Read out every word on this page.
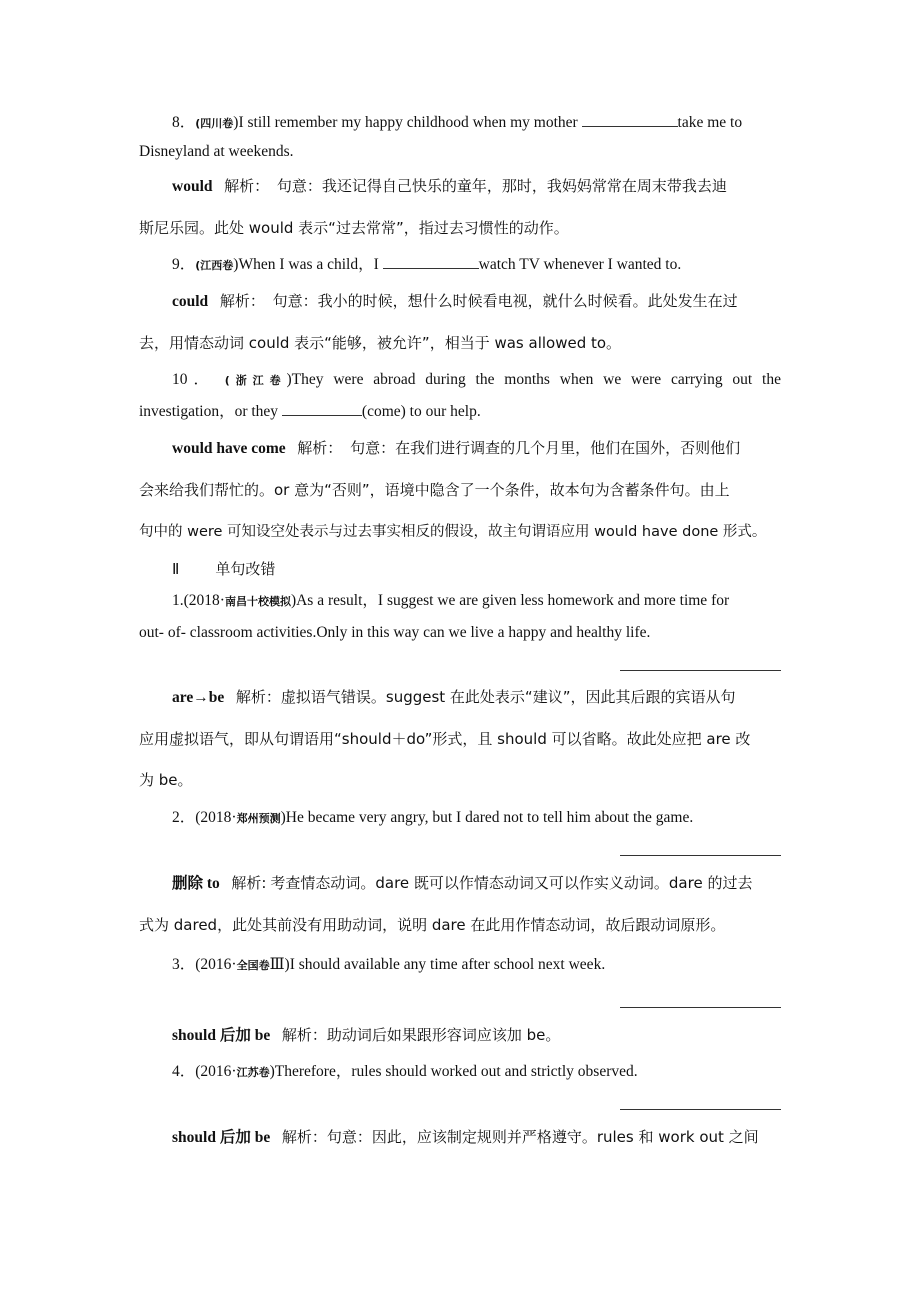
8．(四川卷)I still remember my happy childhood when my mother	take me to
Disneyland at weekends.
would 解析： 句意：我还记得自己快乐的童年，那时，我妈妈常常在周末带我去迪
斯尼乐园。此处 would 表示“过去常常”，指过去习惯性的动作。
9．(江西卷)When I was a child，I	watch TV whenever I wanted to.
could 解析： 句意：我小的时候，想什么时候看电视，就什么时候看。此处发生在过
去，用情态动词 could 表示“能够，被允许”，相当于 was allowed to。
10． (浙江卷)They were abroad during the months when we were carrying out the
investigation，or they	(come) to our help.
would have come 解析： 句意：在我们进行调查的几个月里，他们在国外，否则他们
会来给我们帮忙的。or 意为“否则”，语境中隐含了一个条件，故本句为含蓄条件句。由上
句中的 were 可知设空处表示与过去事实相反的假设，故主句谓语应用 would have done 形式。
Ⅱ 单句改错
1.(2018·南昌十校模拟)As a result，I suggest we are given less homework and more time for
out- of- classroom activities.Only in this way can we live a happy and healthy life.
are→be 解析：虚拟语气错误。suggest 在此处表示“建议”，因此其后跟的宾语从句
应用虚拟语气，即从句谓语用“should＋do”形式，且 should 可以省略。故此处应把 are 改
为 be。
2．(2018·郑州预测)He became very angry, but I dared not to tell him about the game.
删除 to 解析: 考查情态动词。dare 既可以作情态动词又可以作实义动词。dare 的过去
式为 dared，此处其前没有用助动词，说明 dare 在此用作情态动词，故后跟动词原形。
3．(2016·全国卷Ⅲ)I should available any time after school next week.
should 后加 be 解析：助动词后如果跟形容词应该加 be。
4．(2016·江苏卷)Therefore，rules should worked out and strictly observed.
should 后加 be 解析：句意：因此，应该制定规则并严格遵守。rules 和 work out 之间
